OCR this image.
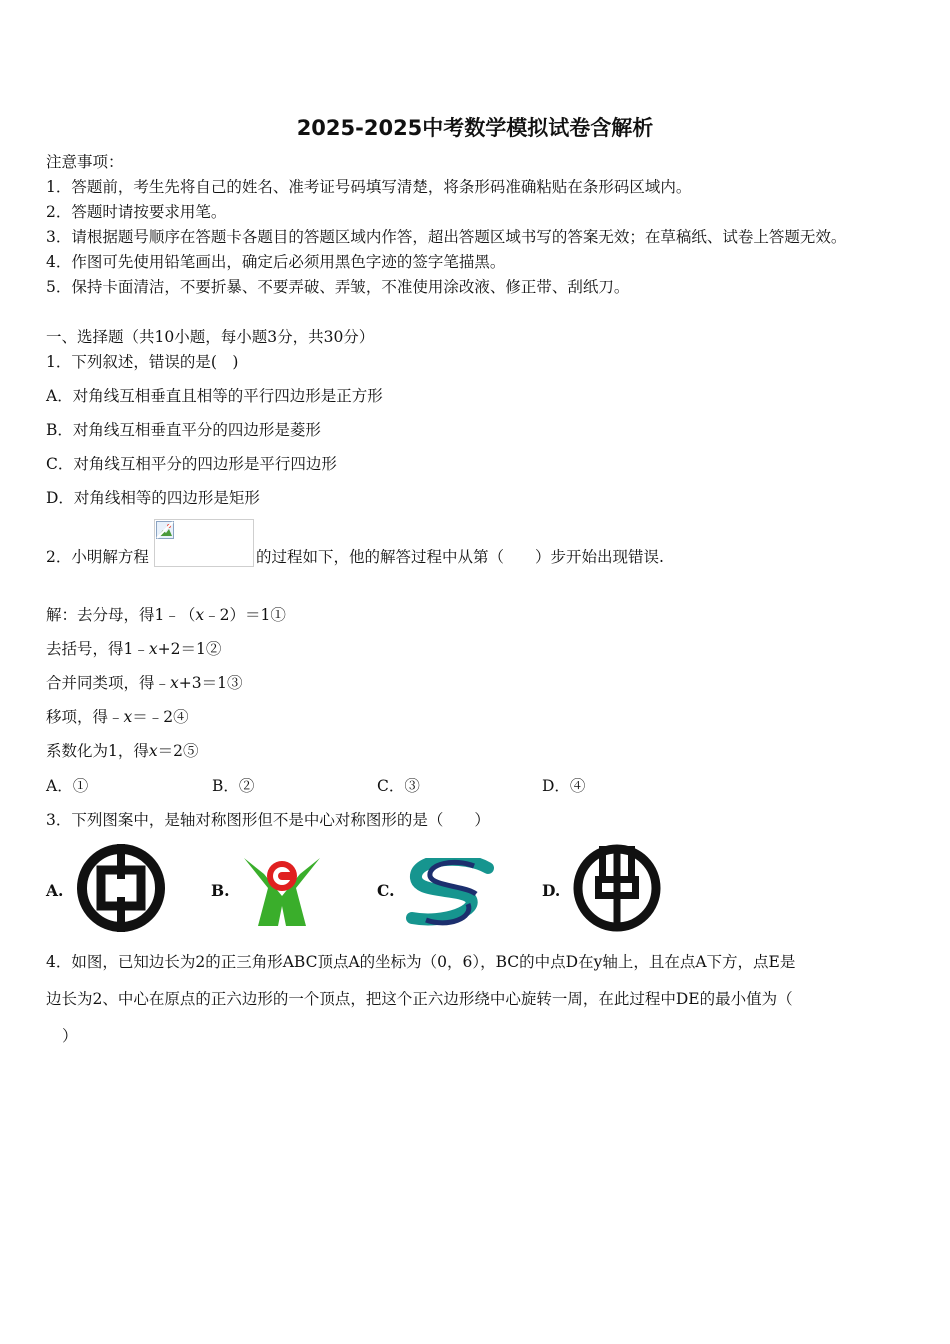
2025-2025中考数学模拟试卷含解析
注意事项：
1．答题前，考生先将自己的姓名、准考证号码填写清楚，将条形码准确粘贴在条形码区域内。
2．答题时请按要求用笔。
3．请根据题号顺序在答题卡各题目的答题区域内作答，超出答题区域书写的答案无效；在草稿纸、试卷上答题无效。
4．作图可先使用铅笔画出，确定后必须用黑色字迹的签字笔描黑。
5．保持卡面清洁，不要折暴、不要弄破、弄皱，不准使用涂改液、修正带、刮纸刀。
一、选择题（共10小题，每小题3分，共30分）
1．下列叙述，错误的是(　)
A．对角线互相垂直且相等的平行四边形是正方形
B．对角线互相垂直平分的四边形是菱形
C．对角线互相平分的四边形是平行四边形
D．对角线相等的四边形是矩形
2．小明解方程	的过程如下，他的解答过程中从第（　　）步开始出现错误.
解：去分母，得1﹣（x﹣2）＝1①
去括号，得1﹣x+2＝1②
合并同类项，得﹣x+3＝1③
移项，得﹣x＝﹣2④
系数化为1，得x＝2⑤
A．①	B．②	C．③	D．④
3．下列图案中，是轴对称图形但不是中心对称图形的是（　　）
A.	B.	C.	D.
4．如图，已知边长为2的正三角形ABC顶点A的坐标为（0，6），BC的中点D在y轴上，且在点A下方，点E是
边长为2、中心在原点的正六边形的一个顶点，把这个正六边形绕中心旋转一周，在此过程中DE的最小值为（
）
